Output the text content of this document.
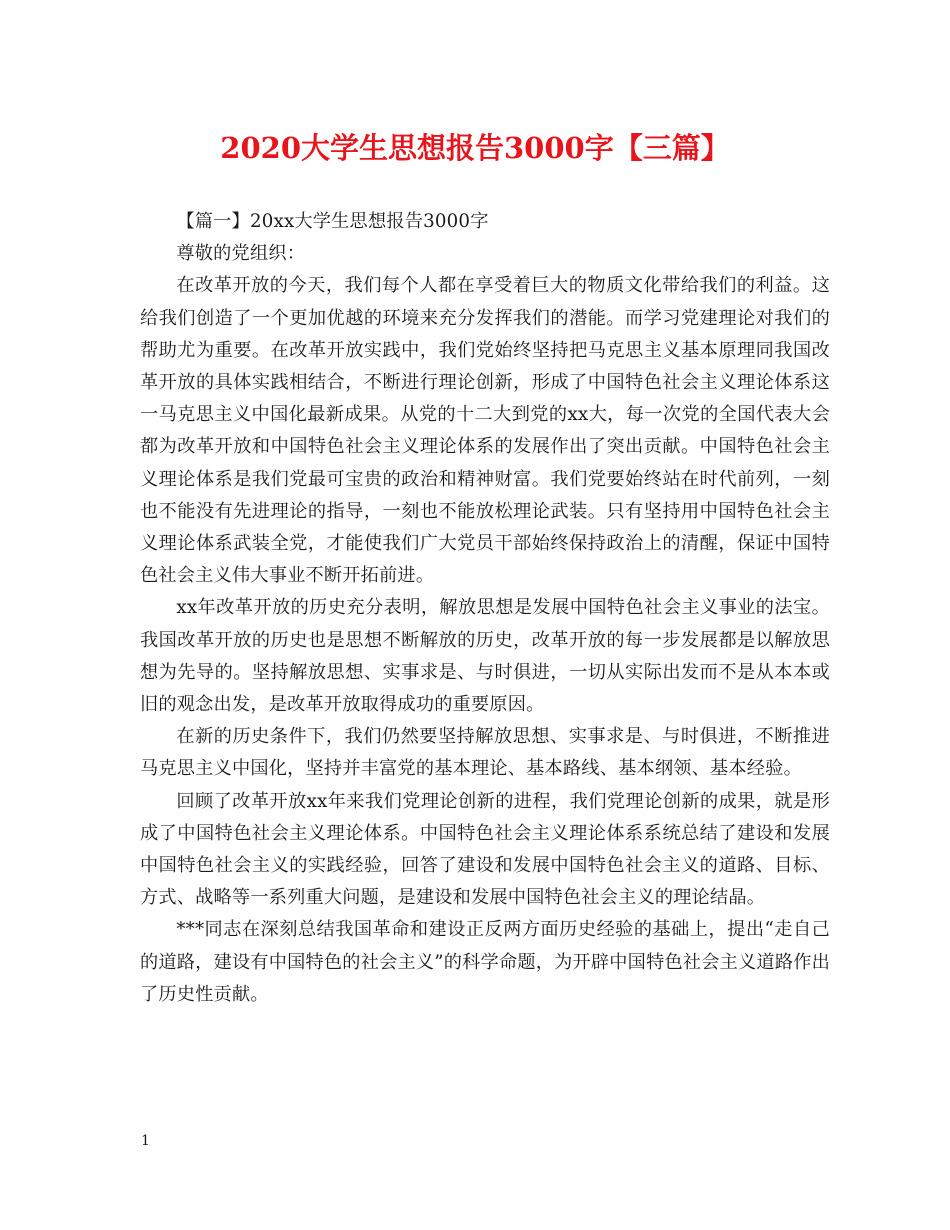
2020大学生思想报告3000字【三篇】

【篇一】20xx大学生思想报告3000字

尊敬的党组织：

在改革开放的今天，我们每个人都在享受着巨大的物质文化带给我们的利益。这给我们创造了一个更加优越的环境来充分发挥我们的潜能。而学习党建理论对我们的帮助尤为重要。在改革开放实践中，我们党始终坚持把马克思主义基本原理同我国改革开放的具体实践相结合，不断进行理论创新，形成了中国特色社会主义理论体系这一马克思主义中国化最新成果。从党的十二大到党的xx大，每一次党的全国代表大会都为改革开放和中国特色社会主义理论体系的发展作出了突出贡献。中国特色社会主义理论体系是我们党最可宝贵的政治和精神财富。我们党要始终站在时代前列，一刻也不能没有先进理论的指导，一刻也不能放松理论武装。只有坚持用中国特色社会主义理论体系武装全党，才能使我们广大党员干部始终保持政治上的清醒，保证中国特色社会主义伟大事业不断开拓前进。

xx年改革开放的历史充分表明，解放思想是发展中国特色社会主义事业的法宝。我国改革开放的历史也是思想不断解放的历史，改革开放的每一步发展都是以解放思想为先导的。坚持解放思想、实事求是、与时俱进，一切从实际出发而不是从本本或旧的观念出发，是改革开放取得成功的重要原因。

在新的历史条件下，我们仍然要坚持解放思想、实事求是、与时俱进，不断推进马克思主义中国化，坚持并丰富党的基本理论、基本路线、基本纲领、基本经验。

回顾了改革开放xx年来我们党理论创新的进程，我们党理论创新的成果，就是形成了中国特色社会主义理论体系。中国特色社会主义理论体系系统总结了建设和发展中国特色社会主义的实践经验，回答了建设和发展中国特色社会主义的道路、目标、方式、战略等一系列重大问题，是建设和发展中国特色社会主义的理论结晶。

***同志在深刻总结我国革命和建设正反两方面历史经验的基础上，提出“走自己的道路，建设有中国特色的社会主义”的科学命题，为开辟中国特色社会主义道路作出了历史性贡献。

1
